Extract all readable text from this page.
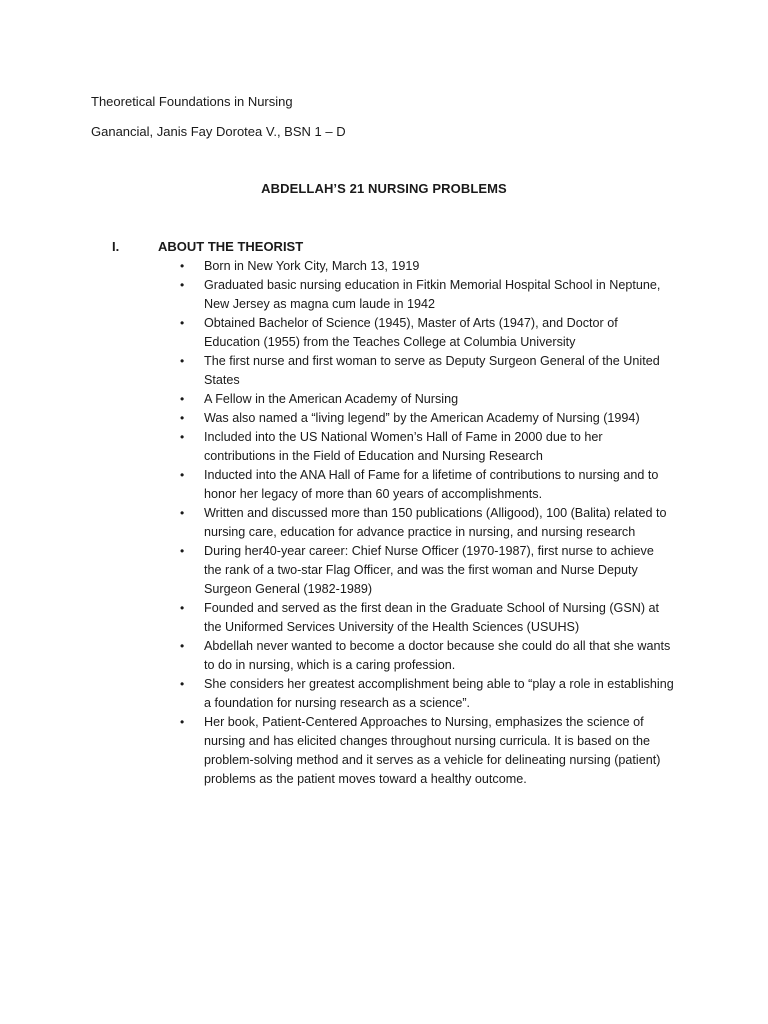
Theoretical Foundations in Nursing
Ganancial, Janis Fay Dorotea V., BSN 1 – D
ABDELLAH’S 21 NURSING PROBLEMS
I.	ABOUT THE THEORIST
• Born in New York City, March 13, 1919
• Graduated basic nursing education in Fitkin Memorial Hospital School in Neptune, New Jersey as magna cum laude in 1942
• Obtained Bachelor of Science (1945), Master of Arts (1947), and Doctor of Education (1955) from the Teaches College at Columbia University
• The first nurse and first woman to serve as Deputy Surgeon General of the United States
• A Fellow in the American Academy of Nursing
• Was also named a “living legend” by the American Academy of Nursing (1994)
• Included into the US National Women’s Hall of Fame in 2000 due to her contributions in the Field of Education and Nursing Research
• Inducted into the ANA Hall of Fame for a lifetime of contributions to nursing and to honor her legacy of more than 60 years of accomplishments.
• Written and discussed more than 150 publications (Alligood), 100 (Balita) related to nursing care, education for advance practice in nursing, and nursing research
• During her40-year career: Chief Nurse Officer (1970-1987), first nurse to achieve the rank of a two-star Flag Officer, and was the first woman and Nurse Deputy Surgeon General (1982-1989)
• Founded and served as the first dean in the Graduate School of Nursing (GSN) at the Uniformed Services University of the Health Sciences (USUHS)
• Abdellah never wanted to become a doctor because she could do all that she wants to do in nursing, which is a caring profession.
• She considers her greatest accomplishment being able to “play a role in establishing a foundation for nursing research as a science”.
• Her book, Patient-Centered Approaches to Nursing, emphasizes the science of nursing and has elicited changes throughout nursing curricula. It is based on the problem-solving method and it serves as a vehicle for delineating nursing (patient) problems as the patient moves toward a healthy outcome.
